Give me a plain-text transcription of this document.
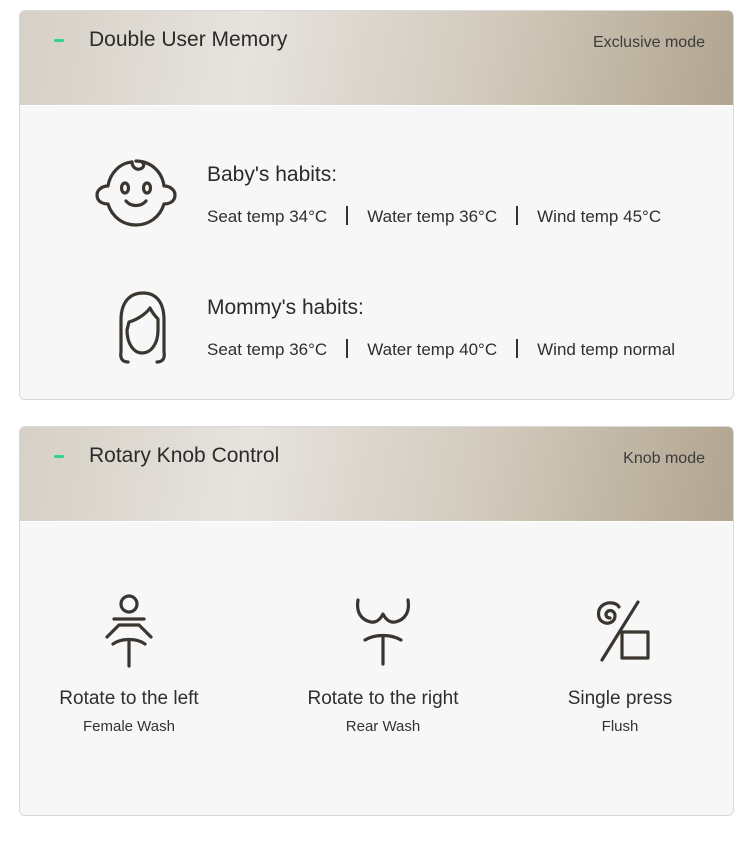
Double User Memory	Exclusive mode
Baby's habits:
Seat temp 34°C Water temp 36°C Wind temp 45°C
Mommy's habits:
Seat temp 36°C Water temp 40°C Wind temp normal
Rotary Knob Control	Knob mode
Rotate to the left
Female Wash
Rotate to the right
Rear Wash
Single press
Flush
